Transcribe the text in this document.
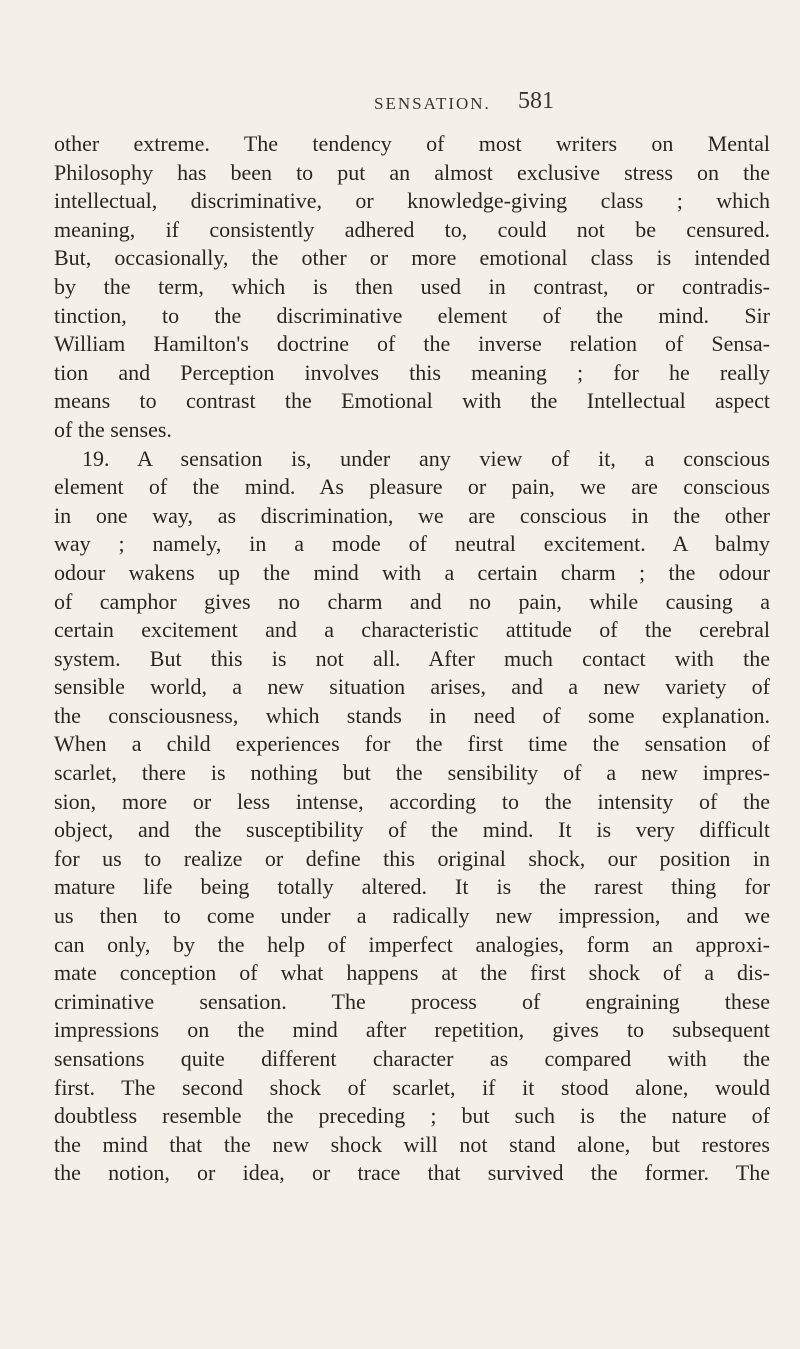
SENSATION. 581
other extreme. The tendency of most writers on Mental
Philosophy has been to put an almost exclusive stress on the
intellectual, discriminative, or knowledge-giving class ; which
meaning, if consistently adhered to, could not be censured.
But, occasionally, the other or more emotional class is intended
by the term, which is then used in contrast, or contradis-
tinction, to the discriminative element of the mind. Sir
William Hamilton's doctrine of the inverse relation of Sensa-
tion and Perception involves this meaning ; for he really
means to contrast the Emotional with the Intellectual aspect
of the senses.
19. A sensation is, under any view of it, a conscious
element of the mind. As pleasure or pain, we are conscious
in one way, as discrimination, we are conscious in the other
way ; namely, in a mode of neutral excitement. A balmy
odour wakens up the mind with a certain charm ; the odour
of camphor gives no charm and no pain, while causing a
certain excitement and a characteristic attitude of the cerebral
system. But this is not all. After much contact with the
sensible world, a new situation arises, and a new variety of
the consciousness, which stands in need of some explanation.
When a child experiences for the first time the sensation of
scarlet, there is nothing but the sensibility of a new impres-
sion, more or less intense, according to the intensity of the
object, and the susceptibility of the mind. It is very difficult
for us to realize or define this original shock, our position in
mature life being totally altered. It is the rarest thing for
us then to come under a radically new impression, and we
can only, by the help of imperfect analogies, form an approxi-
mate conception of what happens at the first shock of a dis-
criminative sensation. The process of engraining these
impressions on the mind after repetition, gives to subsequent
sensations quite different character as compared with the
first. The second shock of scarlet, if it stood alone, would
doubtless resemble the preceding ; but such is the nature of
the mind that the new shock will not stand alone, but restores
the notion, or idea, or trace that survived the former. The
